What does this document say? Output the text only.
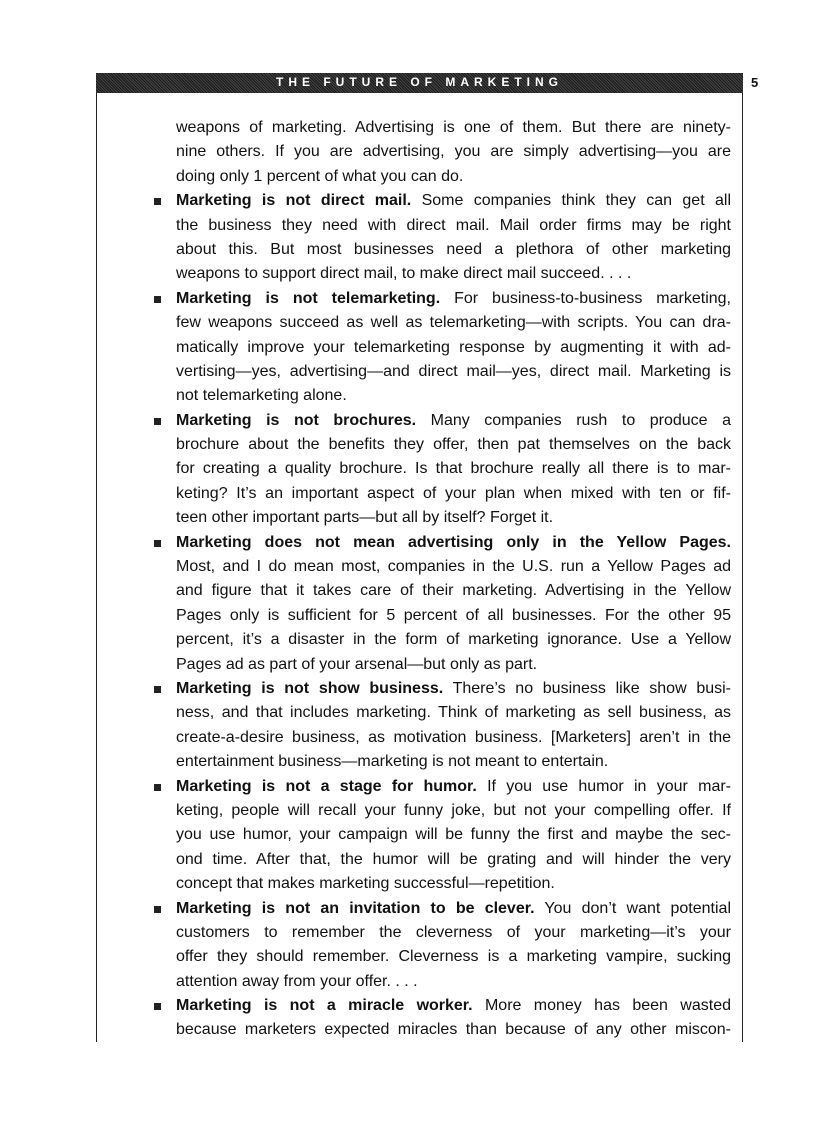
THE FUTURE OF MARKETING	5
weapons of marketing. Advertising is one of them. But there are ninety-
nine others. If you are advertising, you are simply advertising—you are
doing only 1 percent of what you can do.
Marketing is not direct mail. Some companies think they can get all
the business they need with direct mail. Mail order firms may be right
about this. But most businesses need a plethora of other marketing
weapons to support direct mail, to make direct mail succeed. . . .
Marketing is not telemarketing. For business-to-business marketing,
few weapons succeed as well as telemarketing—with scripts. You can dra-
matically improve your telemarketing response by augmenting it with ad-
vertising—yes, advertising—and direct mail—yes, direct mail. Marketing is
not telemarketing alone.
Marketing is not brochures. Many companies rush to produce a
brochure about the benefits they offer, then pat themselves on the back
for creating a quality brochure. Is that brochure really all there is to mar-
keting? It’s an important aspect of your plan when mixed with ten or fif-
teen other important parts—but all by itself? Forget it.
Marketing does not mean advertising only in the Yellow Pages.
Most, and I do mean most, companies in the U.S. run a Yellow Pages ad
and figure that it takes care of their marketing. Advertising in the Yellow
Pages only is sufficient for 5 percent of all businesses. For the other 95
percent, it’s a disaster in the form of marketing ignorance. Use a Yellow
Pages ad as part of your arsenal—but only as part.
Marketing is not show business. There’s no business like show busi-
ness, and that includes marketing. Think of marketing as sell business, as
create-a-desire business, as motivation business. [Marketers] aren’t in the
entertainment business—marketing is not meant to entertain.
Marketing is not a stage for humor. If you use humor in your mar-
keting, people will recall your funny joke, but not your compelling offer. If
you use humor, your campaign will be funny the first and maybe the sec-
ond time. After that, the humor will be grating and will hinder the very
concept that makes marketing successful—repetition.
Marketing is not an invitation to be clever. You don’t want potential
customers to remember the cleverness of your marketing—it’s your
offer they should remember. Cleverness is a marketing vampire, sucking
attention away from your offer. . . .
Marketing is not a miracle worker. More money has been wasted
because marketers expected miracles than because of any other miscon-
